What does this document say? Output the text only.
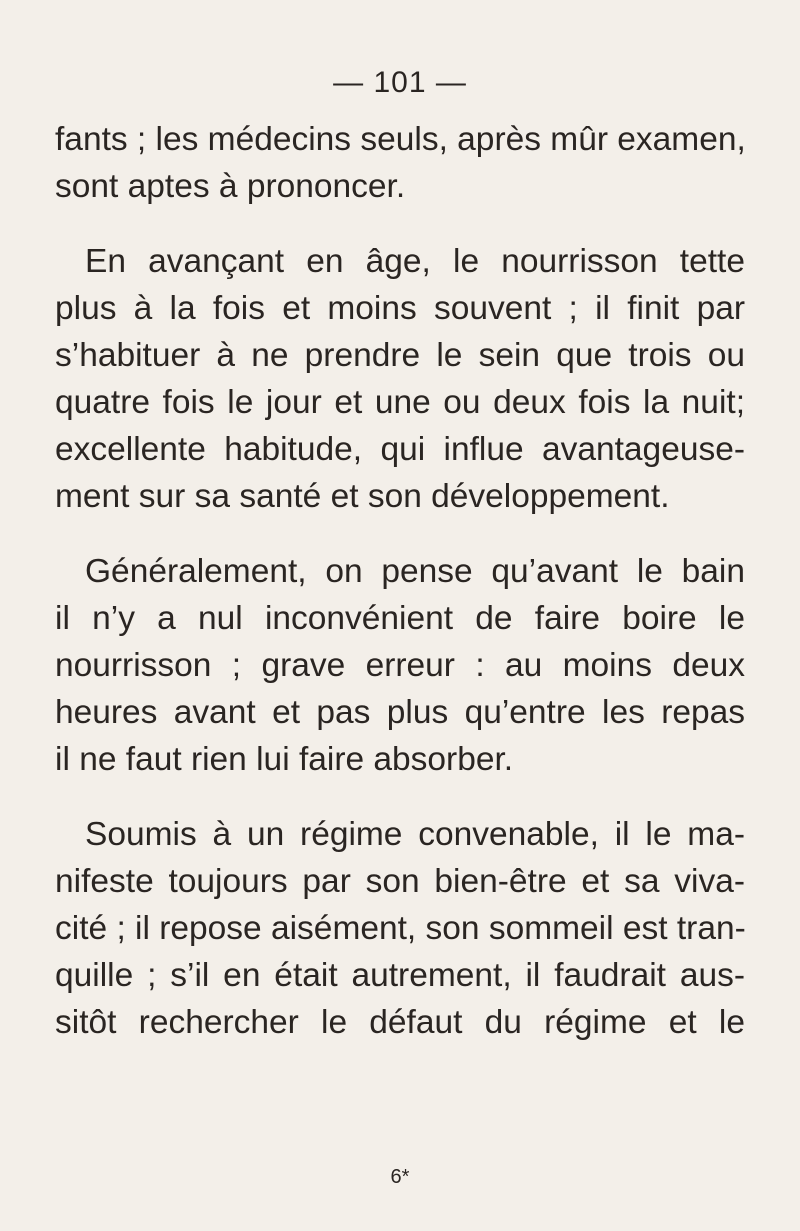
— 101 —
fants ; les médecins seuls, après mûr examen,
sont aptes à prononcer.
En avançant en âge, le nourrisson tette
plus à la fois et moins souvent ; il finit par
s’habituer à ne prendre le sein que trois ou
quatre fois le jour et une ou deux fois la nuit;
excellente habitude, qui influe avantageuse-
ment sur sa santé et son développement.
Généralement, on pense qu’avant le bain
il n’y a nul inconvénient de faire boire le
nourrisson ; grave erreur : au moins deux
heures avant et pas plus qu’entre les repas
il ne faut rien lui faire absorber.
Soumis à un régime convenable, il le ma-
nifeste toujours par son bien-être et sa viva-
cité ; il repose aisément, son sommeil est tran-
quille ; s’il en était autrement, il faudrait aus-
sitôt rechercher le défaut du régime et le
6*
